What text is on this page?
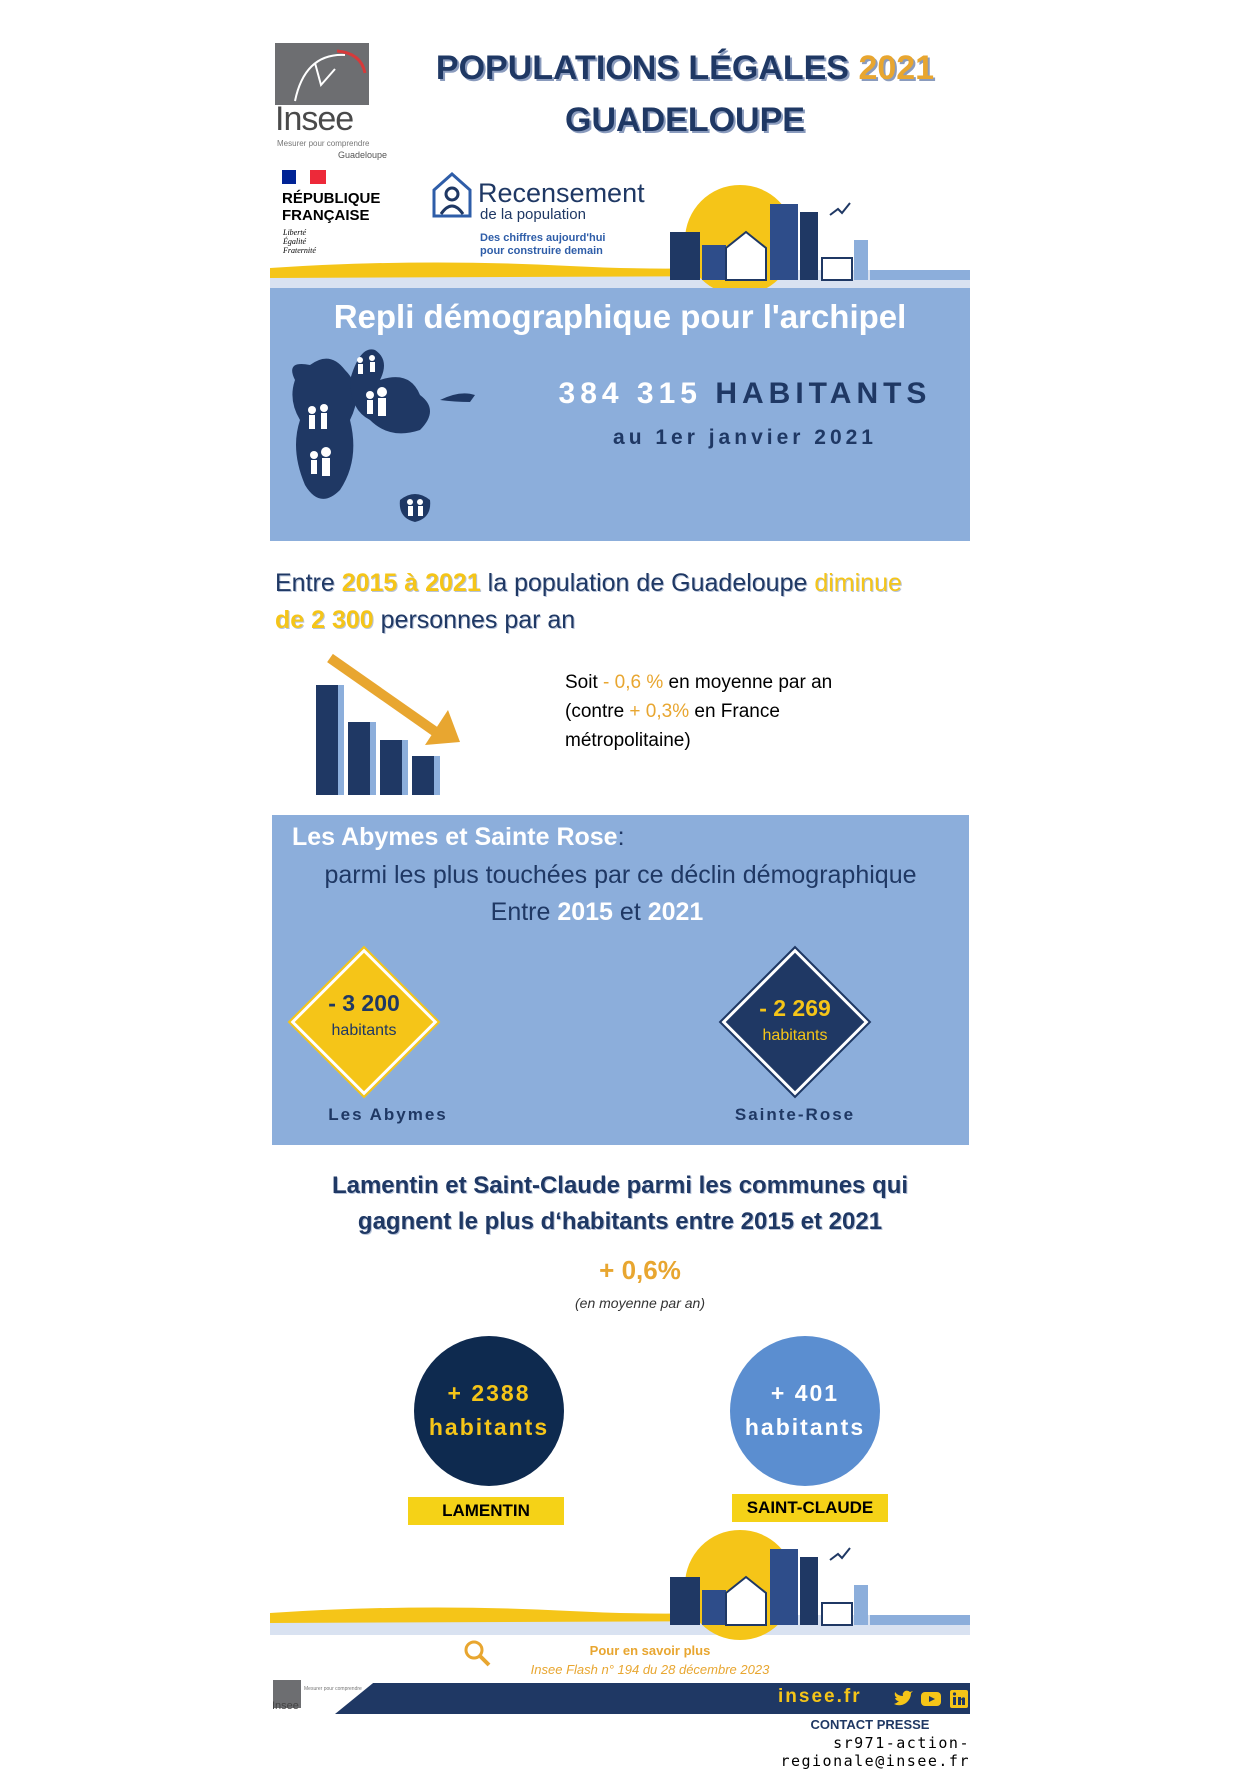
Insee
Mesurer pour comprendre
Guadeloupe
RÉPUBLIQUE
FRANÇAISE
Liberté
Égalité
Fraternité
POPULATIONS LÉGALES 2021
GUADELOUPE
Recensement
de la population
Des chiffres aujourd'hui
pour construire demain
Repli démographique pour l'archipel
384 315 HABITANTS
au 1er janvier 2021
Entre 2015 à 2021 la population de Guadeloupe diminue
de 2 300 personnes par an
Soit - 0,6 % en moyenne par an
(contre + 0,3% en France
métropolitaine)
Les Abymes et Sainte Rose:
parmi les plus touchées par ce déclin démographique
Entre 2015 et 2021
- 3 200
habitants
Les Abymes
- 2 269
habitants
Sainte-Rose
Lamentin et Saint-Claude parmi les communes qui
gagnent le plus d‘habitants entre 2015 et 2021
+ 0,6%
(en moyenne par an)
+ 2388
habitants
LAMENTIN
+ 401
habitants
SAINT-CLAUDE
Pour en savoir plus
Insee Flash n° 194 du 28 décembre 2023
Insee
Mesurer pour comprendre	insee.fr
CONTACT PRESSE
sr971-action-regionale@insee.fr
